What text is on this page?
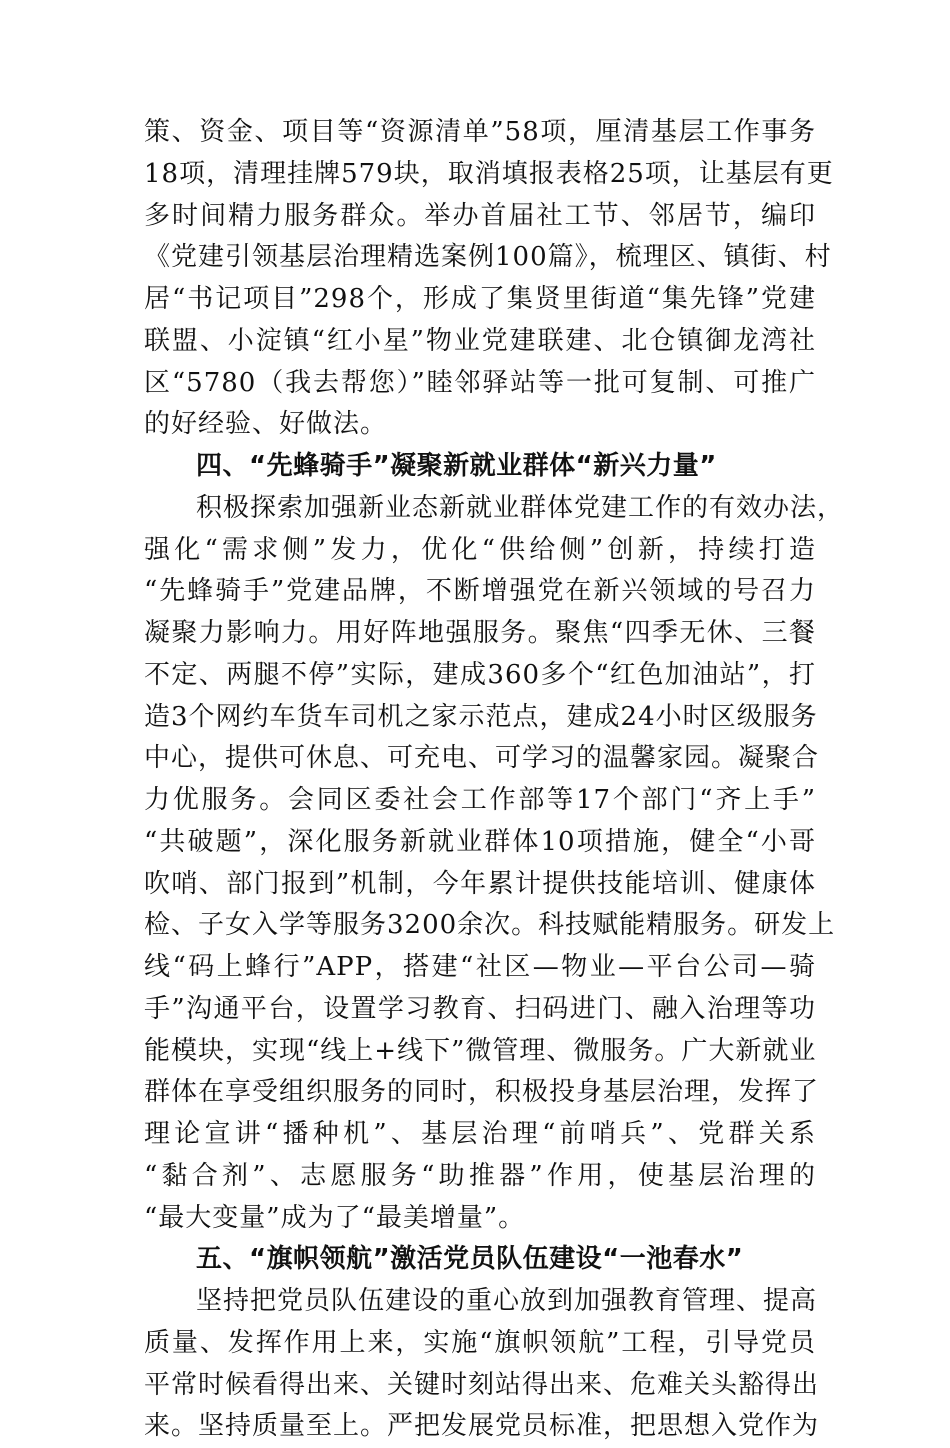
策、资金、项目等“资源清单”58项，厘清基层工作事务
18项，清理挂牌579块，取消填报表格25项，让基层有更
多时间精力服务群众。举办首届社工节、邻居节，编印
《党建引领基层治理精选案例100篇》，梳理区、镇街、村
居“书记项目”298个，形成了集贤里街道“集先锋”党建
联盟、小淀镇“红小星”物业党建联建、北仓镇御龙湾社
区“5780（我去帮您）”睦邻驿站等一批可复制、可推广
的好经验、好做法。
四、“先蜂骑手”凝聚新就业群体“新兴力量”
积极探索加强新业态新就业群体党建工作的有效办法，
强化“需求侧”发力，优化“供给侧”创新，持续打造
“先蜂骑手”党建品牌，不断增强党在新兴领域的号召力
凝聚力影响力。用好阵地强服务。聚焦“四季无休、三餐
不定、两腿不停”实际，建成360多个“红色加油站”，打
造3个网约车货车司机之家示范点，建成24小时区级服务
中心，提供可休息、可充电、可学习的温馨家园。凝聚合
力优服务。会同区委社会工作部等17个部门“齐上手”
“共破题”，深化服务新就业群体10项措施，健全“小哥
吹哨、部门报到”机制，今年累计提供技能培训、健康体
检、子女入学等服务3200余次。科技赋能精服务。研发上
线“码上蜂行”APP，搭建“社区—物业—平台公司—骑
手”沟通平台，设置学习教育、扫码进门、融入治理等功
能模块，实现“线上+线下”微管理、微服务。广大新就业
群体在享受组织服务的同时，积极投身基层治理，发挥了
理论宣讲“播种机”、基层治理“前哨兵”、党群关系
“黏合剂”、志愿服务“助推器”作用，使基层治理的
“最大变量”成为了“最美增量”。
五、“旗帜领航”激活党员队伍建设“一池春水”
坚持把党员队伍建设的重心放到加强教育管理、提高
质量、发挥作用上来，实施“旗帜领航”工程，引导党员
平常时候看得出来、关键时刻站得出来、危难关头豁得出
来。坚持质量至上。严把发展党员标准，把思想入党作为
